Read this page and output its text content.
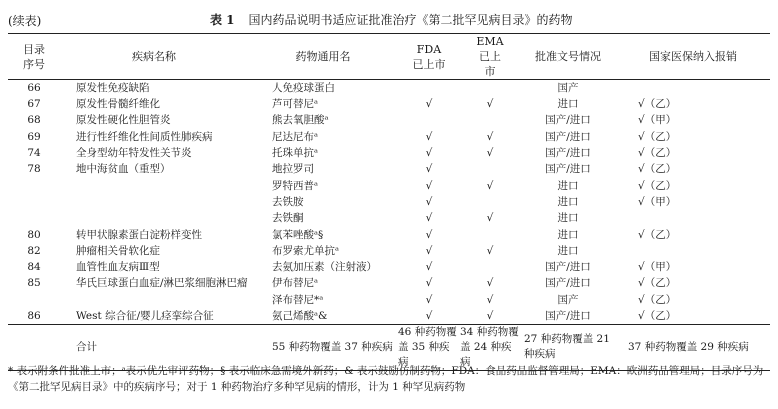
(续表)	表 1 国内药品说明书适应证批准治疗《第二批罕见病目录》的药物
目录序号	疾病名称	药物通用名	FDA已上市	EMA已上市	批准文号情况	国家医保纳入报销
66	原发性免疫缺陷	人免疫球蛋白			国产	
67	原发性骨髓纤维化	芦可替尼ᵃ	√	√	进口	√（乙）
68	原发性硬化性胆管炎	熊去氧胆酸ᵃ			国产/进口	√（甲）
69	进行性纤维化性间质性肺疾病	尼达尼布ᵃ	√	√	国产/进口	√（乙）
74	全身型幼年特发性关节炎	托珠单抗ᵃ	√	√	国产/进口	√（乙）
78	地中海贫血（重型）	地拉罗司	√		国产/进口	√（乙）
		罗特西普ᵃ	√	√	进口	√（乙）
		去铁胺	√		进口	√（甲）
		去铁酮	√	√	进口	
80	转甲状腺素蛋白淀粉样变性	氯苯唑酸ᵃ§	√		进口	√（乙）
82	肿瘤相关骨软化症	布罗索尤单抗ᵃ	√	√	进口	
84	血管性血友病Ⅲ型	去氨加压素（注射液）	√		国产/进口	√（甲）
85	华氏巨球蛋白血症/淋巴浆细胞淋巴瘤	伊布替尼ᵃ	√	√	国产/进口	√（乙）
		泽布替尼*ᵃ	√	√	国产	√（乙）
86	West 综合征/婴儿痉挛综合征	氨己烯酸ᵃ&	√	√	国产/进口	√（乙）
	合计	55 种药物覆盖 37 种疾病	46 种药物覆盖 35 种疾病	34 种药物覆盖 24 种疾病	27 种药物覆盖 21 种疾病	37 种药物覆盖 29 种疾病
* 表示附条件批准上市；ᵃ表示优先审评药物；§ 表示临床急需境外新药；& 表示鼓励仿制药物；FDA：食品药品监督管理局；EMA：欧洲药品管理局；目录序号为《第二批罕见病目录》中的疾病序号；对于 1 种药物治疗多种罕见病的情形，计为 1 种罕见病药物
